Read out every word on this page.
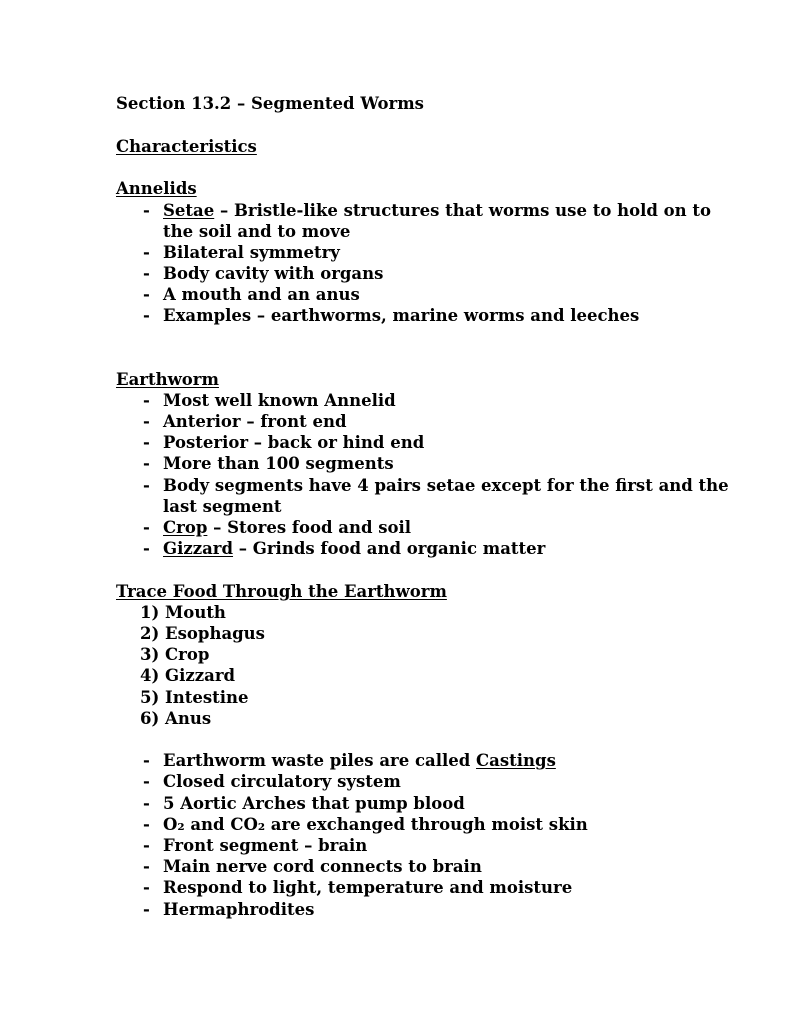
Section 13.2 – Segmented Worms
Characteristics
Annelids
- Setae – Bristle-like structures that worms use to hold on to
the soil and to move
- Bilateral symmetry
- Body cavity with organs
- A mouth and an anus
- Examples – earthworms, marine worms and leeches
Earthworm
- Most well known Annelid
- Anterior – front end
- Posterior – back or hind end
- More than 100 segments
- Body segments have 4 pairs setae except for the first and the
last segment
- Crop – Stores food and soil
- Gizzard – Grinds food and organic matter
Trace Food Through the Earthworm
1) Mouth
2) Esophagus
3) Crop
4) Gizzard
5) Intestine
6) Anus
- Earthworm waste piles are called Castings
- Closed circulatory system
- 5 Aortic Arches that pump blood
- O₂ and CO₂ are exchanged through moist skin
- Front segment – brain
- Main nerve cord connects to brain
- Respond to light, temperature and moisture
- Hermaphrodites
